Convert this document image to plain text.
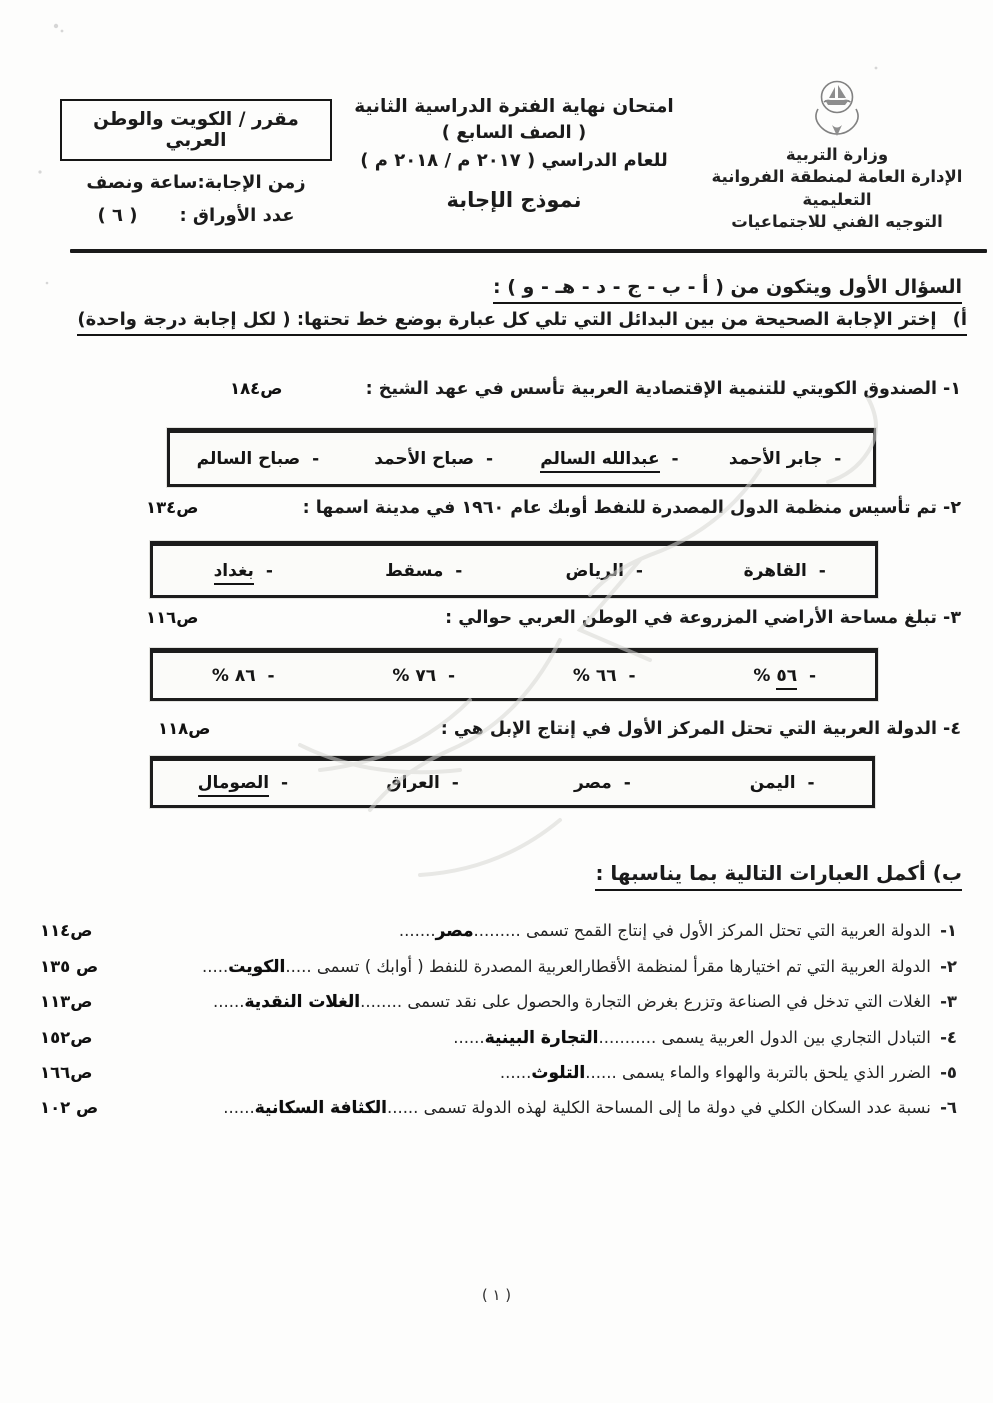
وزارة التربية
الإدارة العامة لمنطقة الفروانية
التعليمية
التوجيه الفني للاجتماعيات
امتحان نهاية الفترة الدراسية الثانية
( الصف السابع )
للعام الدراسي ( ٢٠١٧ م / ٢٠١٨ م )
نموذج الإجابة
مقرر / الكويت والوطن العربي
زمن الإجابة:ساعة ونصف
عدد الأوراق :
( ٦ )
السؤال الأول ويتكون من ( أ - ب - ج - د - هـ - و ) :
أ)إختر الإجابة الصحيحة من بين البدائل التي تلي كل عبارة بوضع خط تحتها: ( لكل إجابة درجة واحدة)
١- الصندوق الكويتي للتنمية الإقتصادية العربية تأسس في عهد الشيخ :
ص١٨٤
- جابر الأحمد
- عبدالله السالم
- صباح الأحمد
- صباح السالم
٢- تم تأسيس منظمة الدول المصدرة للنفط أوبك عام ١٩٦٠ في مدينة اسمها :
ص١٣٤
- القاهرة
- الرياض
- مسقط
- بغداد
٣- تبلغ مساحة الأراضي المزروعة في الوطن العربي حوالي :
ص١١٦
- ٥٦ %
- ٦٦ %
- ٧٦ %
- ٨٦ %
٤- الدولة العربية التي تحتل المركز الأول في إنتاج الإبل هي :
ص١١٨
- اليمن
- مصر
- العراق
- الصومال
ب) أكمل العبارات التالية بما يناسبها :
١- الدولة العربية التي تحتل المركز الأول في إنتاج القمح تسمى .........مصر.......
ص١١٤
٢- الدولة العربية التي تم اختيارها مقرأ لمنظمة الأقطارالعربية المصدرة للنفط ( أوابك ) تسمى .....الكويت.....
ص ١٣٥
٣- الغلات التي تدخل في الصناعة وتزرع بغرض التجارة والحصول على نقد تسمى ........الغلات النقدية......
ص١١٣
٤- التبادل التجاري بين الدول العربية يسمى ...........التجارة البينية......
ص١٥٢
٥- الضرر الذي يلحق بالتربة والهواء والماء يسمى ......التلوث......
ص١٦٦
٦- نسبة عدد السكان الكلي في دولة ما إلى المساحة الكلية لهذه الدولة تسمى ......الكثافة السكانية......
ص ١٠٢
( ١ )
